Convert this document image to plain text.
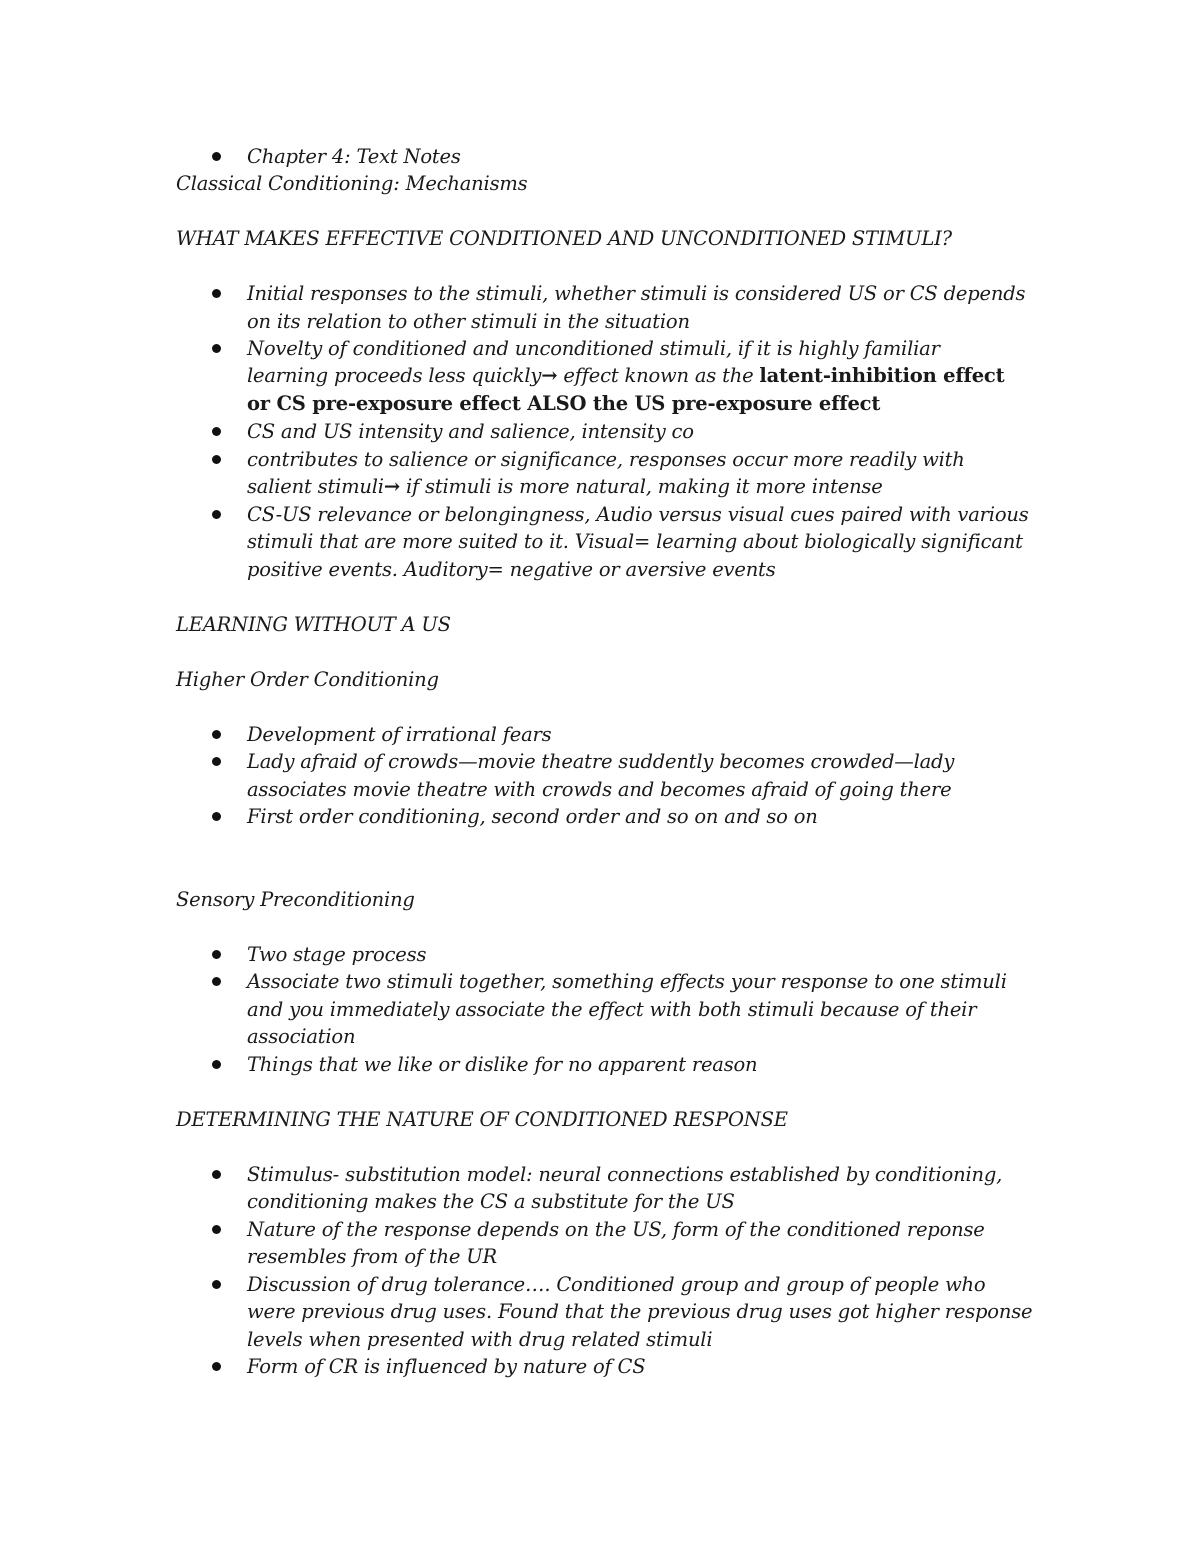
Chapter 4: Text Notes
Classical Conditioning: Mechanisms
WHAT MAKES EFFECTIVE CONDITIONED AND UNCONDITIONED STIMULI?
Initial responses to the stimuli, whether stimuli is considered US or CS depends
on its relation to other stimuli in the situation
Novelty of conditioned and unconditioned stimuli, if it is highly familiar
learning proceeds less quickly→ effect known as the latent-inhibition effect
or CS pre-exposure effect ALSO the US pre-exposure effect
CS and US intensity and salience, intensity co
contributes to salience or significance, responses occur more readily with
salient stimuli→ if stimuli is more natural, making it more intense
CS-US relevance or belongingness, Audio versus visual cues paired with various
stimuli that are more suited to it. Visual= learning about biologically significant
positive events. Auditory= negative or aversive events
LEARNING WITHOUT A US
Higher Order Conditioning
Development of irrational fears
Lady afraid of crowds—movie theatre suddently becomes crowded—lady
associates movie theatre with crowds and becomes afraid of going there
First order conditioning, second order and so on and so on
Sensory Preconditioning
Two stage process
Associate two stimuli together, something effects your response to one stimuli
and you immediately associate the effect with both stimuli because of their
association
Things that we like or dislike for no apparent reason
DETERMINING THE NATURE OF CONDITIONED RESPONSE
Stimulus- substitution model: neural connections established by conditioning,
conditioning makes the CS a substitute for the US
Nature of the response depends on the US, form of the conditioned reponse
resembles from of the UR
Discussion of drug tolerance…. Conditioned group and group of people who
were previous drug uses. Found that the previous drug uses got higher response
levels when presented with drug related stimuli
Form of CR is influenced by nature of CS
